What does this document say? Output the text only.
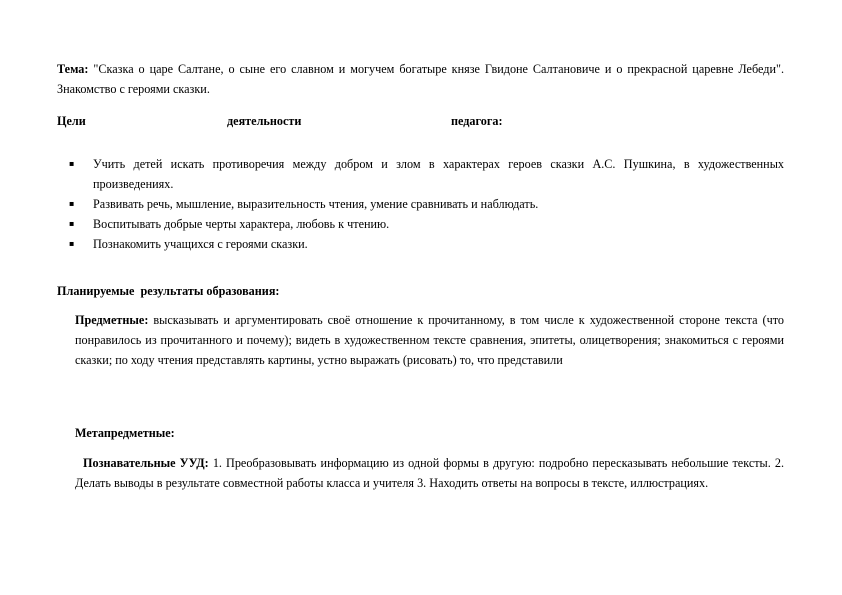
Тема: "Сказка о царе Салтане, о сыне его славном и могучем богатыре князе Гвидоне Салтановиче и о прекрасной царевне Лебеди". Знакомство с героями сказки.

Цели	деятельности	педагога:
▪ Учить детей искать противоречия между добром и злом в характерах героев сказки А.С. Пушкина, в художественных произведениях.
▪ Развивать речь, мышление, выразительность чтения, умение сравнивать и наблюдать.
▪ Воспитывать добрые черты характера, любовь к чтению.
▪ Познакомить учащихся с героями сказки.
Планируемые  результаты образования:

Предметные: высказывать и аргументировать своё отношение к прочитанному, в том числе к художественной стороне текста (что понравилось из прочитанного и почему); видеть в художественном тексте сравнения, эпитеты, олицетворения; знакомиться с героями сказки; по ходу чтения представлять картины, устно выражать (рисовать) то, что представили

Метапредметные:

Познавательные УУД: 1. Преобразовывать информацию из одной формы в другую: подробно пересказывать небольшие тексты. 2. Делать выводы в результате совместной работы класса и учителя 3. Находить ответы на вопросы в тексте, иллюстрациях.
